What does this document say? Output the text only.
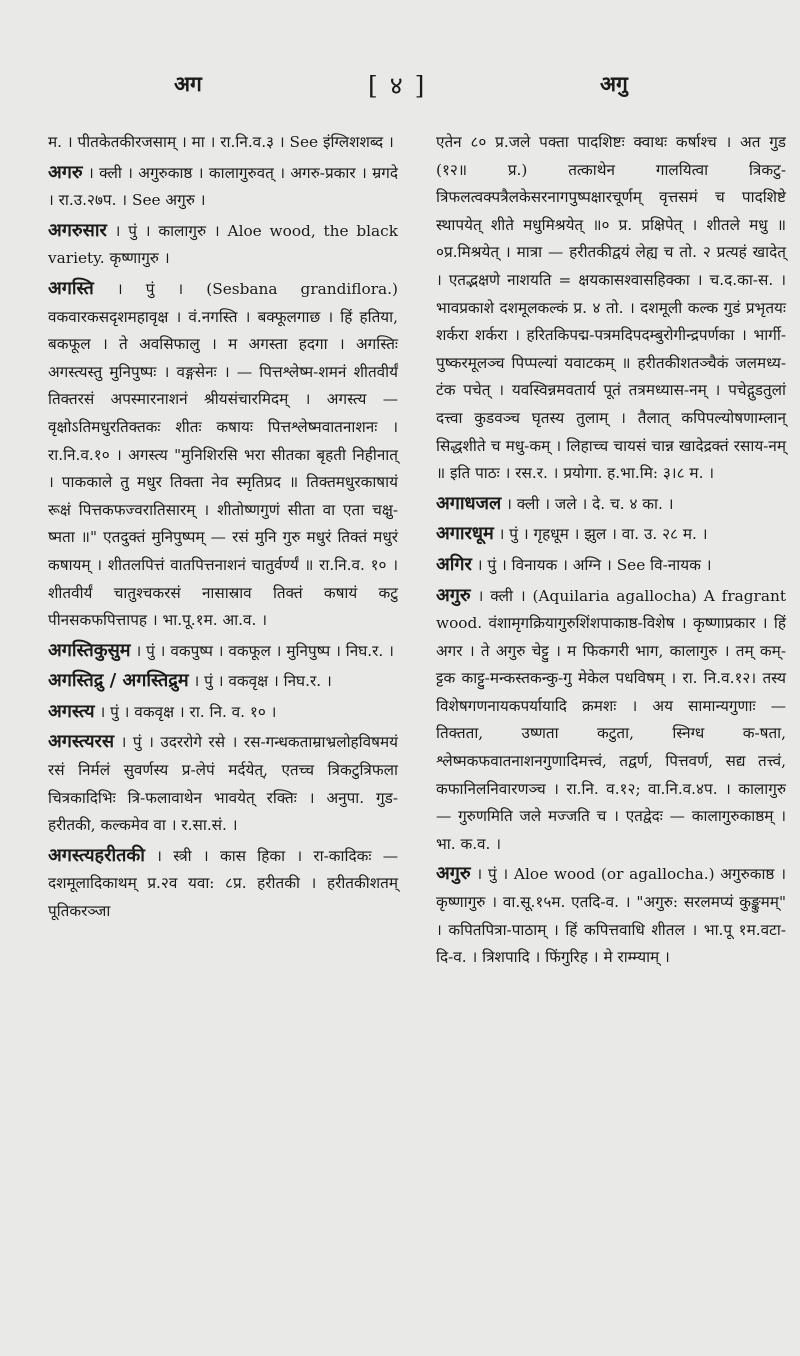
अग	[ ४ ]	अगु

म. । पीतकेतकीरजसाम् । मा । रा.नि.व.३ । See इंग्लिशशब्द ।

अगरु । क्ली । अगुरुकाष्ठ । कालागुरुवत् । अगरु-प्रकार । म्रगदे । रा.उ.२७प. । See अगुरु ।

अगरुसार । पुं । कालागुरु । Aloe wood, the black variety. कृष्णागुरु ।

अगस्ति । पुं । (Sesbana grandiflora.) वकवारकसदृशमहावृक्ष । वं.नगस्ति । बक्फूलगाछ । हिं हतिया, बकफूल । ते अवसिफालु । म अगस्ता हदगा । अगस्तिः अगस्त्यस्तु मुनिपुष्पः । वङ्गसेनः । — पित्तश्लेष्म-शमनं शीतवीर्यं तिक्तरसं अपस्मारनाशनं श्रीयसंचारमिदम् । अगस्त्य — वृक्षोऽतिमधुरतिक्तकः शीतः कषायः पित्तश्लेष्मवातनाशनः । रा.नि.व.१० । अगस्त्य "मुनिशिरसि भरा सीतका बृहती निहीनात् । पाककाले तु मधुर तिक्ता नेव स्मृतिप्रद ॥ तिक्तमधुरकाषायं रूक्षं पित्तकफज्वरातिसारम् । शीतोष्णगुणं सीता वा एता चक्षु-ष्मता ॥" एतदुक्तं मुनिपुष्पम् — रसं मुनि गुरु मधुरं तिक्तं मधुरं कषायम् । शीतलपित्तं वातपित्तनाशनं चातुर्वर्ण्यं ॥ रा.नि.व. १० । शीतवीर्यं चातुश्चकरसं नासास्राव तिक्तं कषायं कटु पीनसकफपित्तापह । भा.पू.१म. आ.व. ।

अगस्तिकुसुम । पुं । वकपुष्प । वकफूल । मुनिपुष्प । निघ.र. ।

अगस्तिद्रु / अगस्तिद्रुम । पुं । वकवृक्ष । निघ.र. ।

अगस्त्य । पुं । वकवृक्ष । रा. नि. व. १० ।

अगस्त्यरस । पुं । उदररोगे रसे । रस-गन्धकताम्राभ्रलोहविषमयं रसं निर्मलं सुवर्णस्य प्र-लेपं मर्दयेत्, एतच्च त्रिकटुत्रिफला चित्रकादिभिः त्रि-फलावाथेन भावयेत् रक्तिः । अनुपा. गुड-हरीतकी, कल्कमेव वा । र.सा.सं. ।

अगस्त्यहरीतकी । स्त्री । कास हिका । रा-कादिकः — दशमूलादिकाथम् प्र.२व यवा: ८प्र. हरीतकी । हरीतकीशतम् पूतिकरञ्जा

एतेन ८० प्र.जले पक्ता पादशिष्टः क्वाथः कर्षाश्च । अत गुड (१२॥ प्र.) तत्काथेन गालयित्वा त्रिकटु-त्रिफलत्वक्पत्रैलकेसरनागपुष्पक्षारचूर्णम् वृत्तसमं च पादशिष्टे स्थापयेत् शीते मधुमिश्रयेत् ॥० प्र. प्रक्षिपेत् । शीतले मधु ॥०प्र.मिश्रयेत् । मात्रा — हरीतकीद्वयं लेह्य च तो. २ प्रत्यहं खादेत् । एतद्भक्षणे नाशयति = क्षयकासश्वासहिक्का । च.द.का-स. । भावप्रकाशे दशमूलकल्कं प्र. ४ तो. । दशमूली कल्क गुडं प्रभृतयः शर्करा शर्करा । हरितकिपद्म-पत्रमदिपदम्बुरोगीन्द्रपर्णका । भार्गी-पुष्करमूलञ्च पिप्पल्यां यवाटकम् ॥ हरीतकीशतञ्चैकं जलमध्य-टंक पचेत् । यवस्विन्नमवतार्य पूतं तत्रमध्यास-नम् । पचेद्गुडतुलां दत्त्वा कुडवञ्च घृतस्य तुलाम् । तैलात् कपिपल्योषणाम्लान् सिद्धशीते च मधु-कम् । लिहाच्च चायसं चान्न खादेद्रक्तं रसाय-नम् ॥ इति पाठः । रस.र. । प्रयोगा. ह.भा.मि: ३।८ म. ।

अगाधजल । क्ली । जले । दे. च. ४ का. ।

अगारधूम । पुं । गृहधूम । झुल । वा. उ. २८ म. ।

अगिर । पुं । विनायक । अग्नि । See वि-नायक ।

अगुरु । क्ली । (Aquilaria agallocha) A fragrant wood. वंशामृगक्रियागुरुशिंशपाकाष्ठ-विशेष । कृष्णाप्रकार । हिं अगर । ते अगुरु चेट्टु । म फिकगरी भाग, कालागुरु । तम् कम्-ट्टक काट्टु-मन्कस्तकन्कु-गु मेकेल पधविषम् । रा. नि.व.१२। तस्य विशेषगणनायकपर्यायादि क्रमशः । अय सामान्यगुणाः — तिक्तता, उष्णता कटुता, स्निग्ध क-षता, श्लेष्मकफवातनाशनगुणादिमत्त्वं, तद्वर्ण, पित्तवर्ण, सद्य तत्त्वं, कफानिलनिवारणञ्च । रा.नि. व.१२; वा.नि.व.४प. । कालागुरु — गुरुणमिति जले मज्जति च । एतद्वेदः — कालागुरुकाष्ठम् । भा. क.व. ।

अगुरु । पुं । Aloe wood (or agallocha.) अगुरुकाष्ठ । कृष्णागुरु । वा.सू.१५म. एतदि-व. । "अगुरु: सरलमप्यं कुङ्कुमम्" । कपितपित्रा-पाठाम् । हिं कपित्तवाधि शीतल । भा.पू १म.वटा-दि-व. । त्रिशपादि । फिंगुरिह । मे राम्म्याम् ।
